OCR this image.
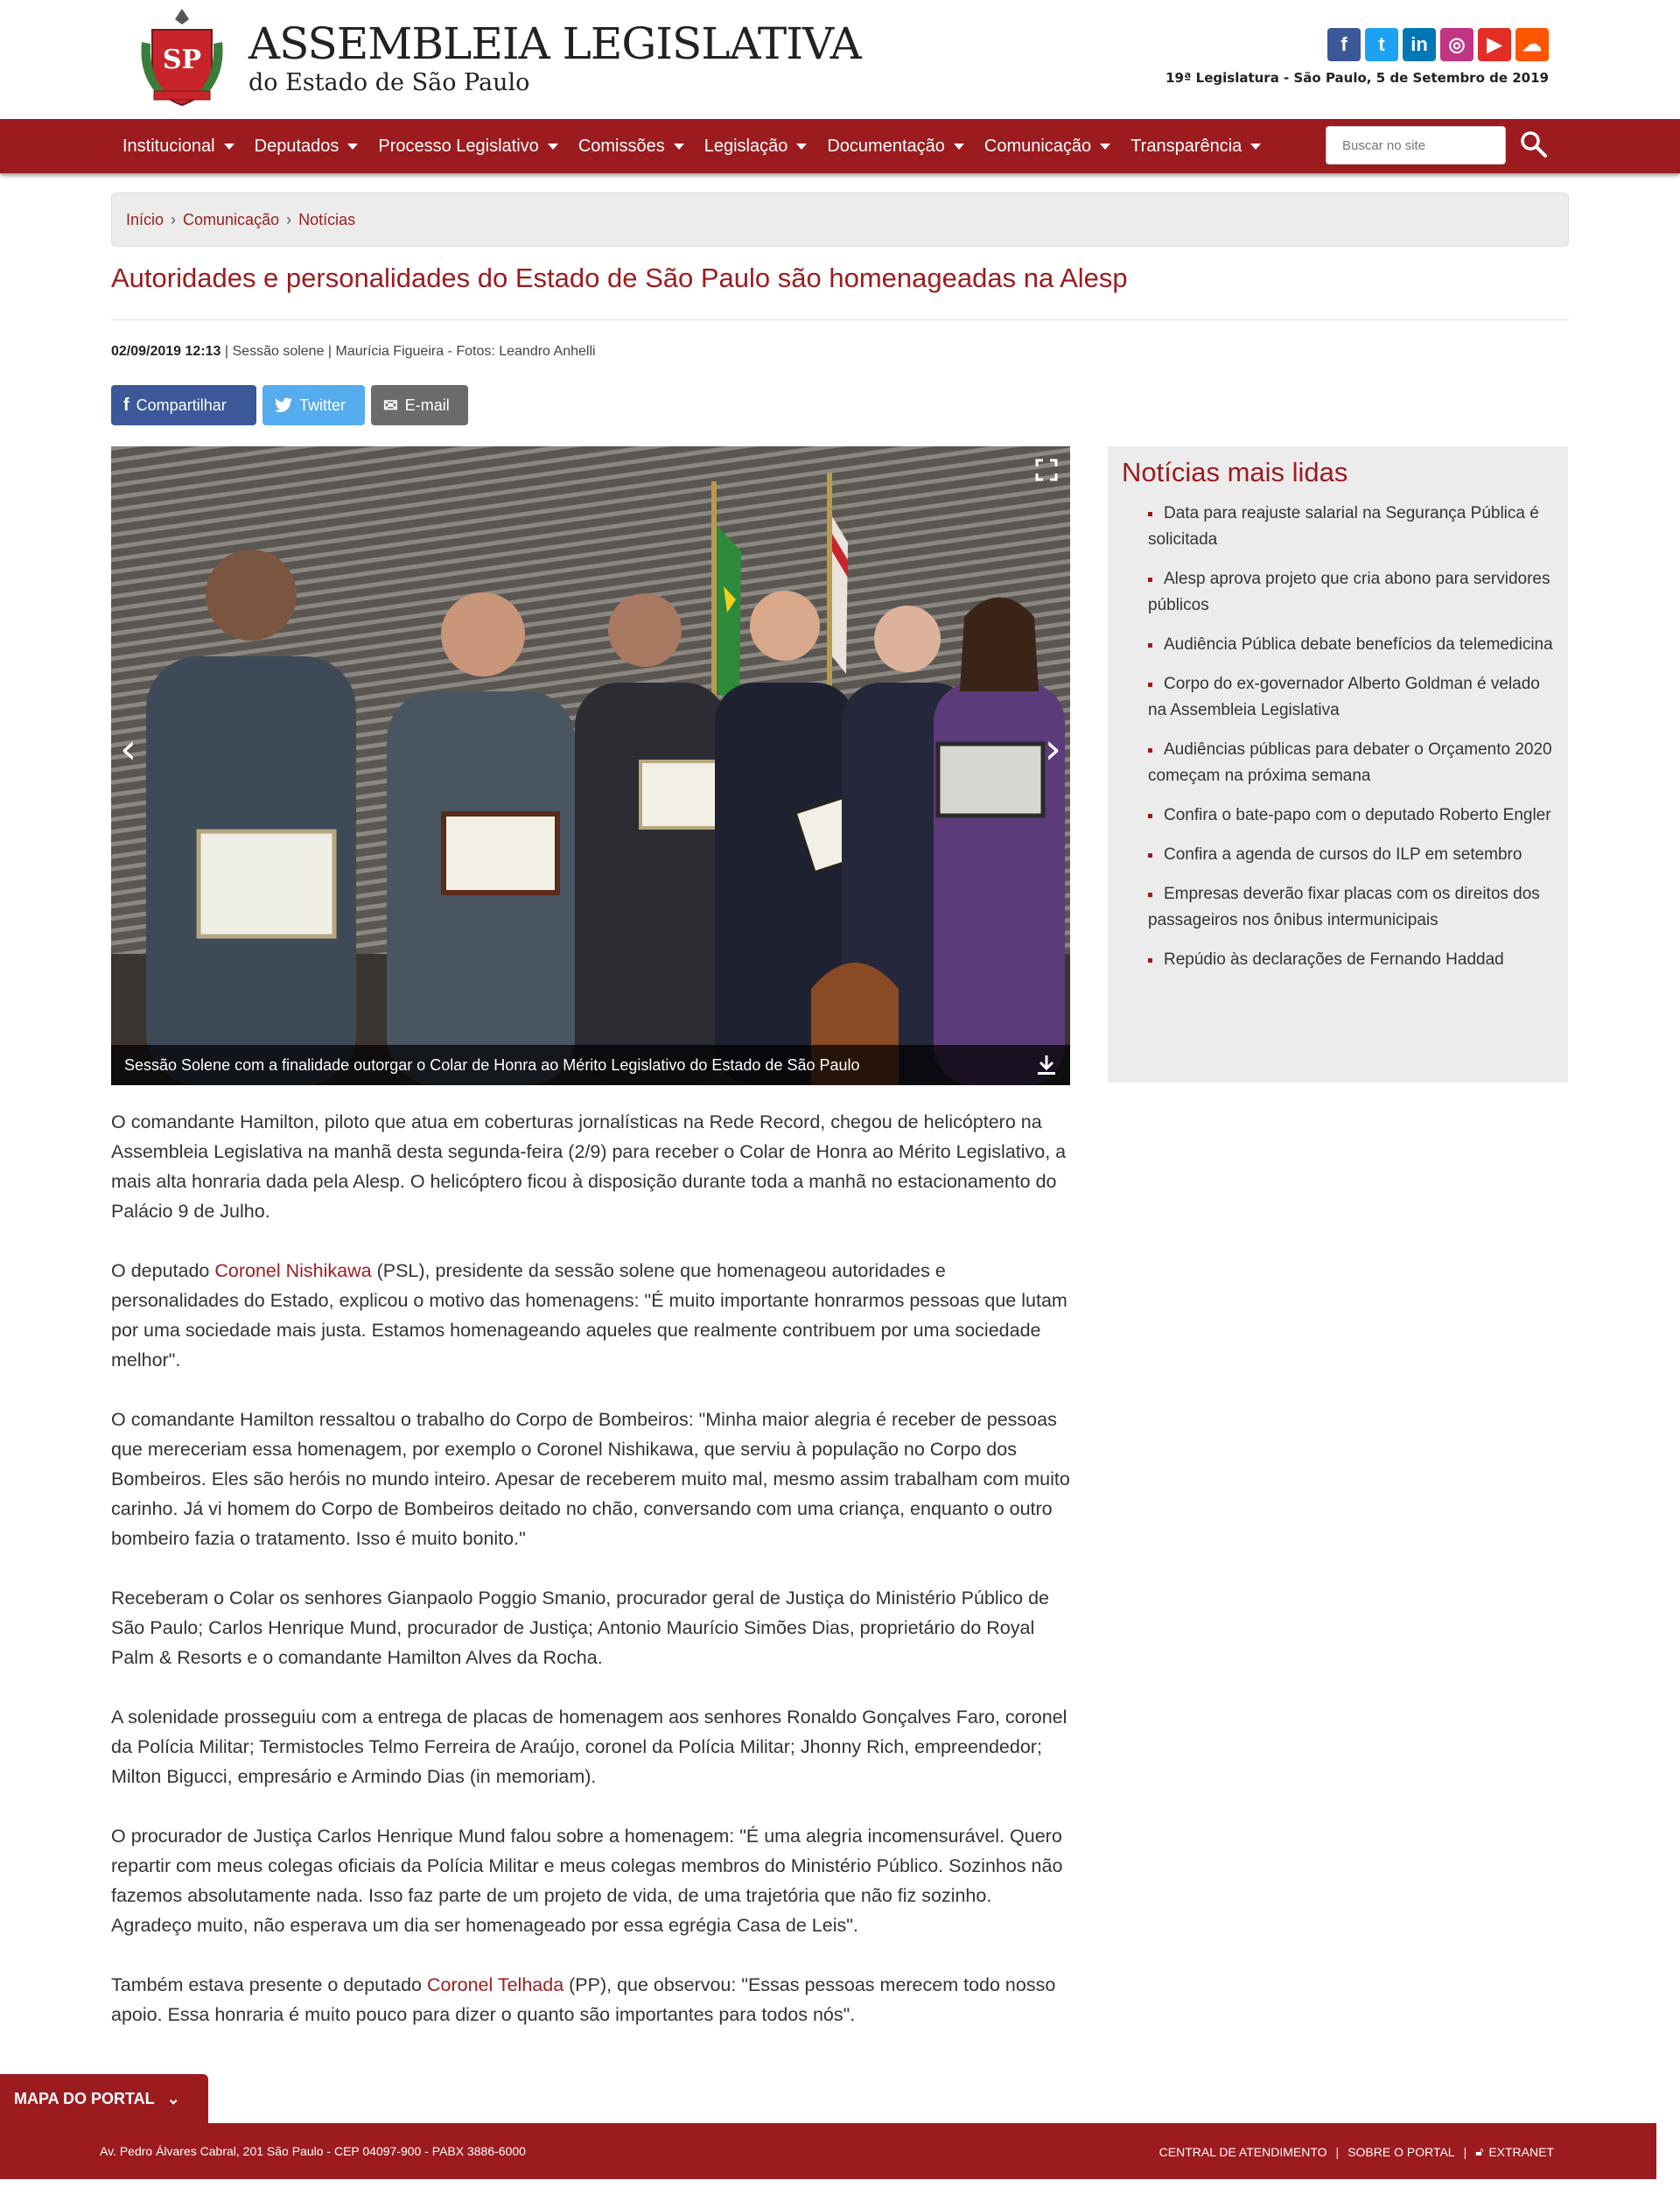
SP ASSEMBLEIA LEGISLATIVA
do Estado de São Paulo
f	t	in	◎	▶	☁
19ª Legislatura - São Paulo, 5 de Setembro de 2019
Institucional Deputados Processo Legislativo Comissões Legislação Documentação Comunicação Transparência
Buscar no site
Início › Comunicação › Notícias
Autoridades e personalidades do Estado de São Paulo são homenageadas na Alesp
02/09/2019 12:13 | Sessão solene | Maurícia Figueira - Fotos: Leandro Anhelli
f Compartilhar	Twitter ✉ E-mail
‹	›
Sessão Solene com a finalidade outorgar o Colar de Honra ao Mérito Legislativo do Estado de São Paulo
Notícias mais lidas
Data para reajuste salarial na Segurança Pública é solicitada
Alesp aprova projeto que cria abono para servidores públicos
Audiência Pública debate benefícios da telemedicina
Corpo do ex-governador Alberto Goldman é velado na Assembleia Legislativa
Audiências públicas para debater o Orçamento 2020 começam na próxima semana
Confira o bate-papo com o deputado Roberto Engler
Confira a agenda de cursos do ILP em setembro
Empresas deverão fixar placas com os direitos dos passageiros nos ônibus intermunicipais
Repúdio às declarações de Fernando Haddad

O comandante Hamilton, piloto que atua em coberturas jornalísticas na Rede Record, chegou de helicóptero na Assembleia Legislativa na manhã desta segunda-feira (2/9) para receber o Colar de Honra ao Mérito Legislativo, a mais alta honraria dada pela Alesp. O helicóptero ficou à disposição durante toda a manhã no estacionamento do Palácio 9 de Julho.

O deputado Coronel Nishikawa (PSL), presidente da sessão solene que homenageou autoridades e personalidades do Estado, explicou o motivo das homenagens: "É muito importante honrarmos pessoas que lutam por uma sociedade mais justa. Estamos homenageando aqueles que realmente contribuem por uma sociedade melhor".

O comandante Hamilton ressaltou o trabalho do Corpo de Bombeiros: "Minha maior alegria é receber de pessoas que mereceriam essa homenagem, por exemplo o Coronel Nishikawa, que serviu à população no Corpo dos Bombeiros. Eles são heróis no mundo inteiro. Apesar de receberem muito mal, mesmo assim trabalham com muito carinho. Já vi homem do Corpo de Bombeiros deitado no chão, conversando com uma criança, enquanto o outro bombeiro fazia o tratamento. Isso é muito bonito."

Receberam o Colar os senhores Gianpaolo Poggio Smanio, procurador geral de Justiça do Ministério Público de São Paulo; Carlos Henrique Mund, procurador de Justiça; Antonio Maurício Simões Dias, proprietário do Royal Palm & Resorts e o comandante Hamilton Alves da Rocha.

A solenidade prosseguiu com a entrega de placas de homenagem aos senhores Ronaldo Gonçalves Faro, coronel da Polícia Militar; Termistocles Telmo Ferreira de Araújo, coronel da Polícia Militar; Jhonny Rich, empreendedor; Milton Bigucci, empresário e Armindo Dias (in memoriam).

O procurador de Justiça Carlos Henrique Mund falou sobre a homenagem: "É uma alegria incomensurável. Quero repartir com meus colegas oficiais da Polícia Militar e meus colegas membros do Ministério Público. Sozinhos não fazemos absolutamente nada. Isso faz parte de um projeto de vida, de uma trajetória que não fiz sozinho. Agradeço muito, não esperava um dia ser homenageado por essa egrégia Casa de Leis".

Também estava presente o deputado Coronel Telhada (PP), que observou: "Essas pessoas merecem todo nosso apoio. Essa honraria é muito pouco para dizer o quanto são importantes para todos nós".

MAPA DO PORTAL ⌄
Av. Pedro Álvares Cabral, 201 São Paulo - CEP 04097-900 - PABX 3886-6000	CENTRAL DE ATENDIMENTO | SOBRE O PORTAL | 🔓︎ EXTRANET
